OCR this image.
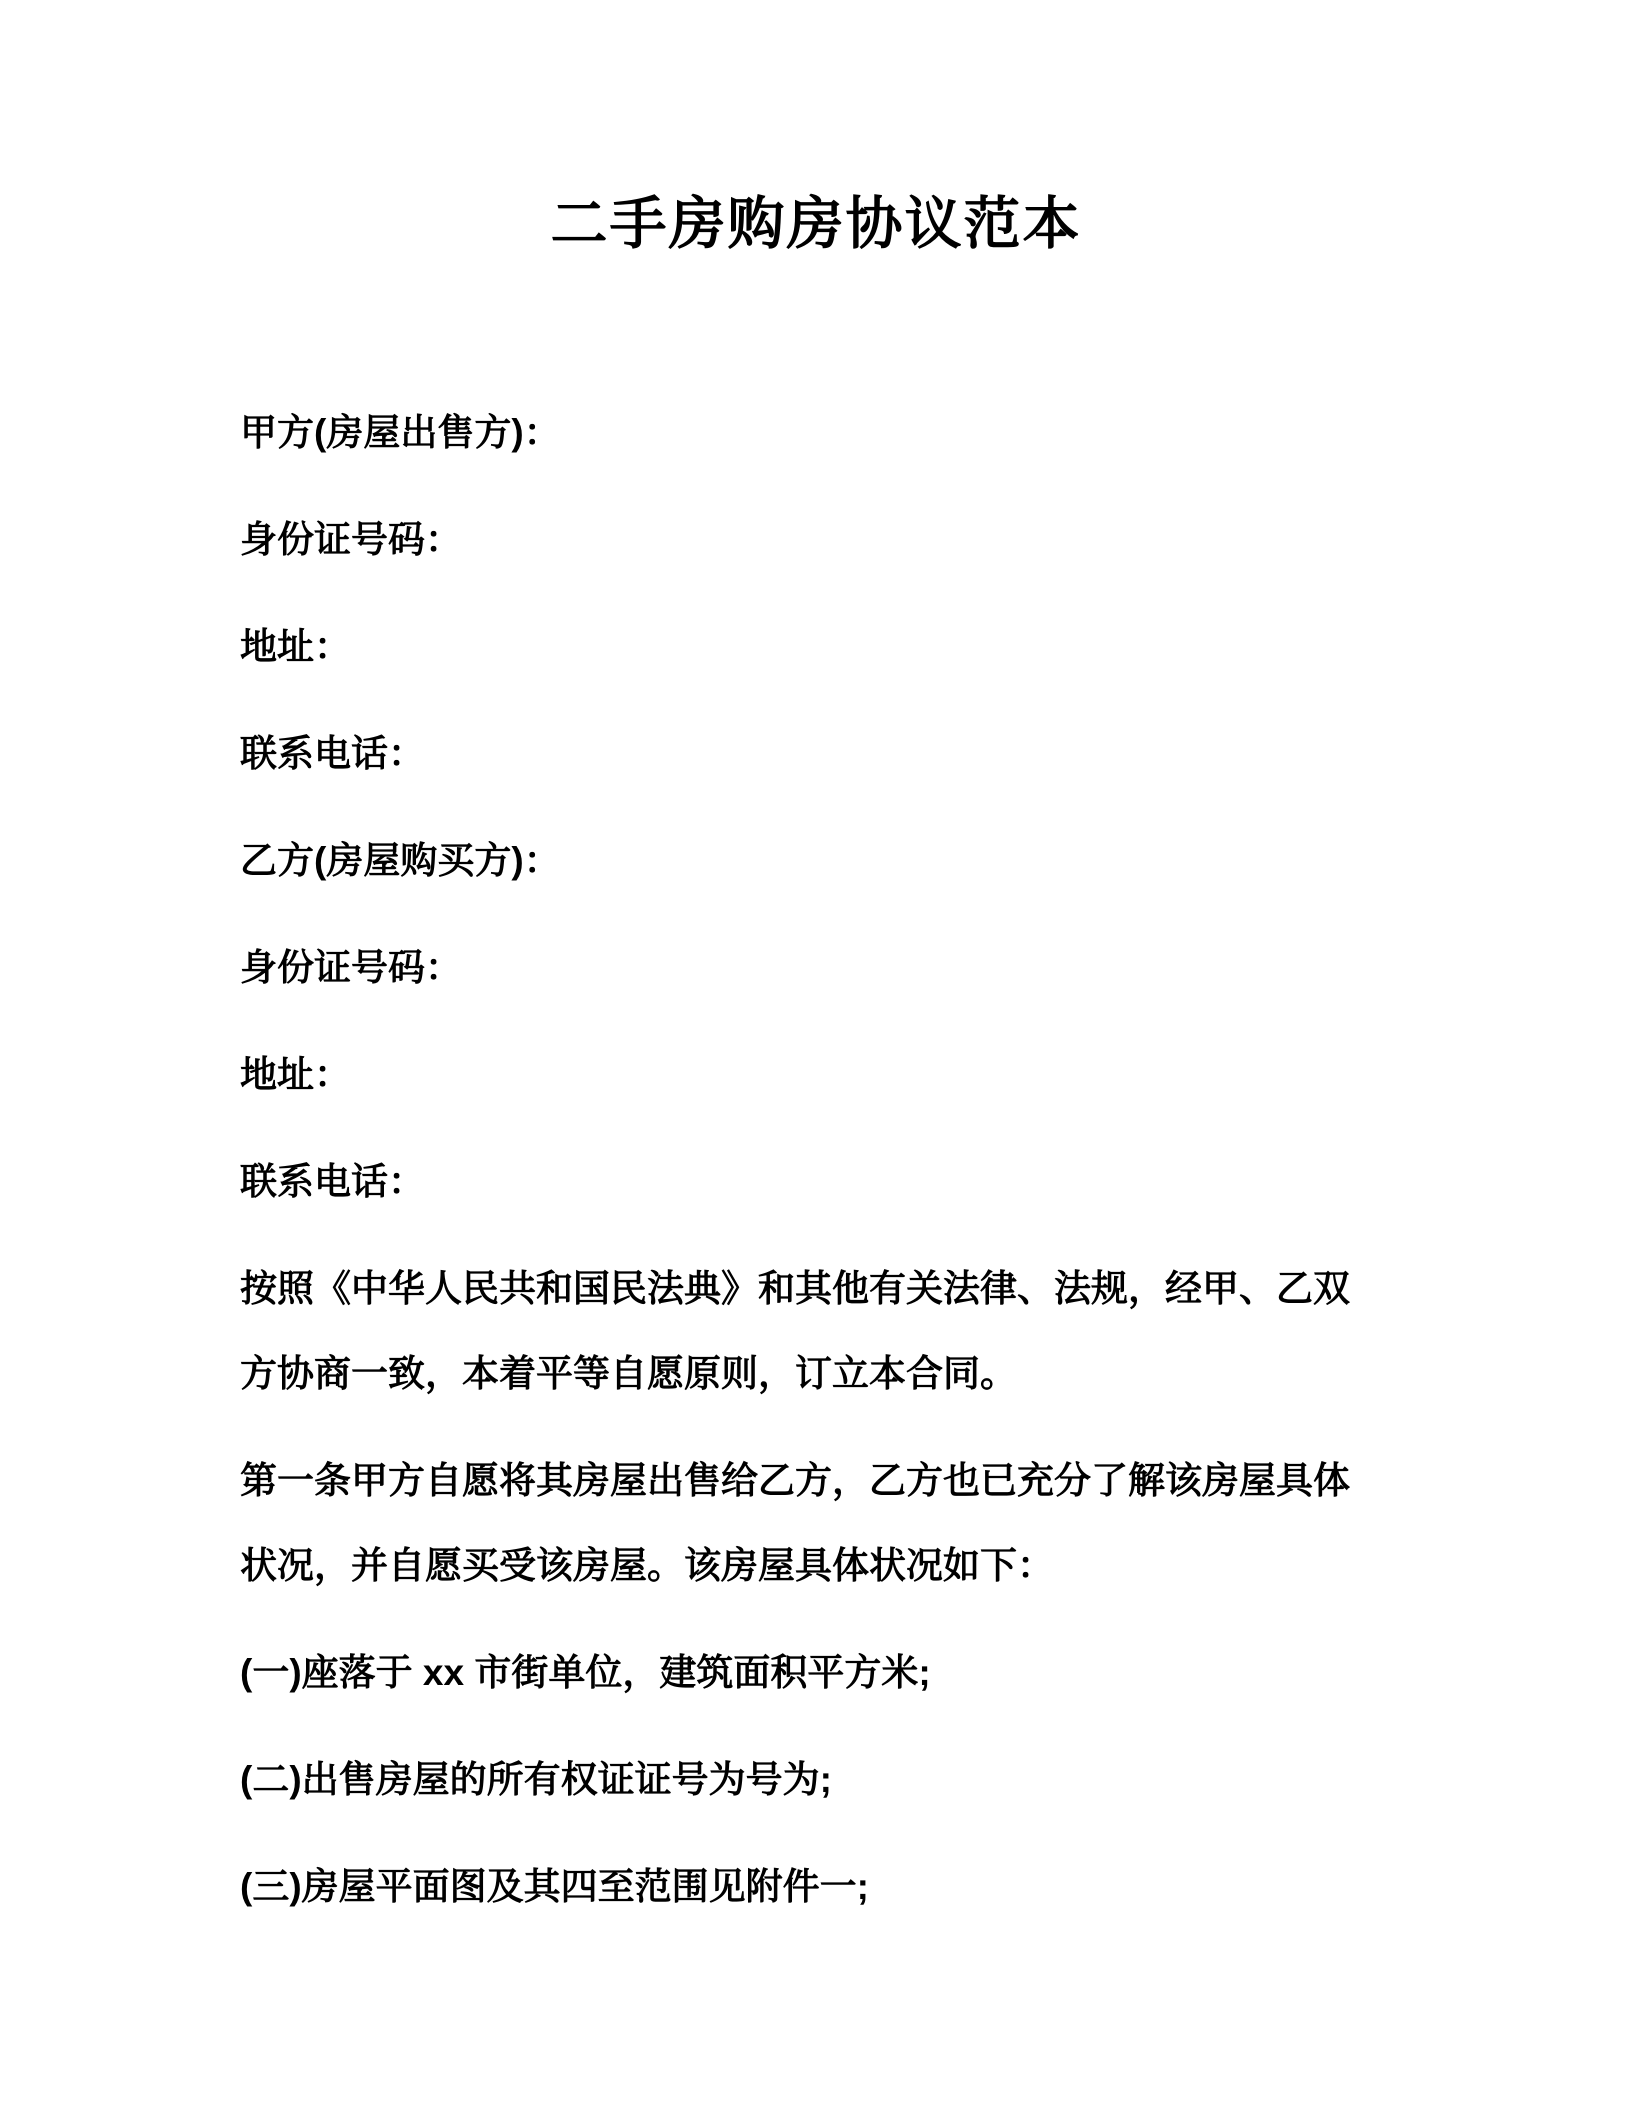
二手房购房协议范本
甲方(房屋出售方)：
身份证号码：
地址：
联系电话：
乙方(房屋购买方)：
身份证号码：
地址：
联系电话：
按照《中华人民共和国民法典》和其他有关法律、法规，经甲、乙双
方协商一致，本着平等自愿原则，订立本合同。
第一条甲方自愿将其房屋出售给乙方，乙方也已充分了解该房屋具体
状况，并自愿买受该房屋。该房屋具体状况如下：
(一)座落于 xx 市街单位，建筑面积平方米;
(二)出售房屋的所有权证证号为号为;
(三)房屋平面图及其四至范围见附件一;
